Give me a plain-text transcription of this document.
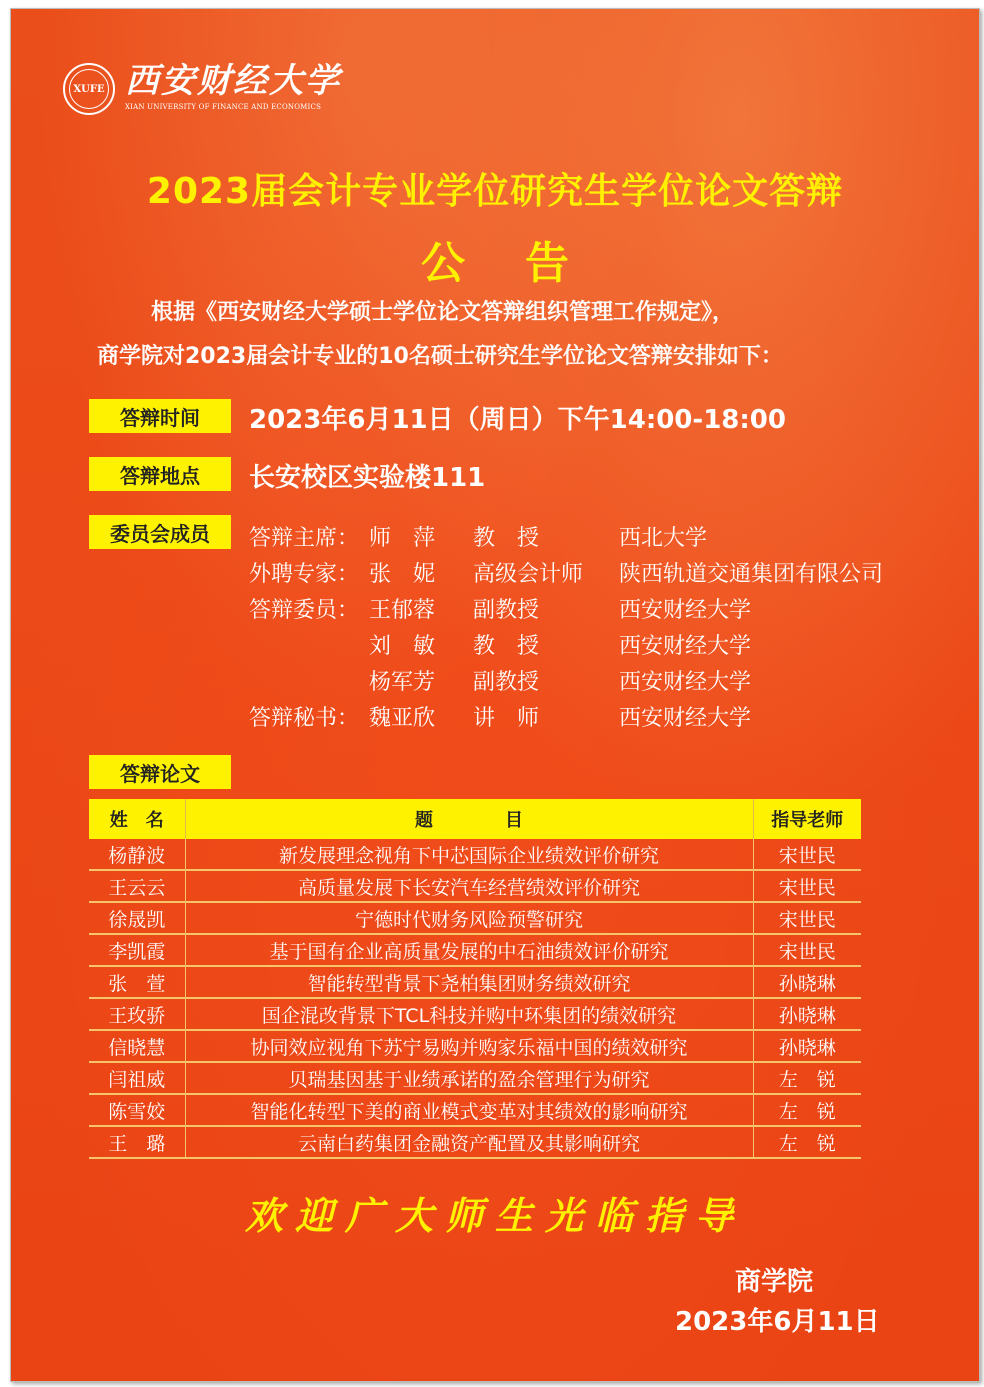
XUFE 西安财经大学
XIAN UNIVERSITY OF FINANCE AND ECONOMICS
2023届会计专业学位研究生学位论文答辩
公告
根据《西安财经大学硕士学位论文答辩组织管理工作规定》，
商学院对2023届会计专业的10名硕士研究生学位论文答辩安排如下：
答辩时间	2023年6月11日（周日）下午14:00-18:00
答辩地点	长安校区实验楼111
委员会成员	答辩主席： 师　萍 教　授	西北大学
外聘专家： 张　妮 高级会计师 陕西轨道交通集团有限公司
答辩委员： 王郁蓉 副教授	西安财经大学
刘　敏 教　授	西安财经大学
杨军芳 副教授	西安财经大学
答辩秘书： 魏亚欣 讲　师	西安财经大学
答辩论文
姓　名	题　　　　目	指导老师
杨静波	新发展理念视角下中芯国际企业绩效评价研究	宋世民
王云云	高质量发展下长安汽车经营绩效评价研究	宋世民
徐晟凯	宁德时代财务风险预警研究	宋世民
李凯霞	基于国有企业高质量发展的中石油绩效评价研究	宋世民
张　萱	智能转型背景下尧柏集团财务绩效研究	孙晓琳
王玫骄	国企混改背景下TCL科技并购中环集团的绩效研究	孙晓琳
信晓慧	协同效应视角下苏宁易购并购家乐福中国的绩效研究	孙晓琳
闫祖威	贝瑞基因基于业绩承诺的盈余管理行为研究	左　锐
陈雪姣	智能化转型下美的商业模式变革对其绩效的影响研究	左　锐
王　璐	云南白药集团金融资产配置及其影响研究	左　锐
欢迎广大师生光临指导
商学院
2023年6月11日
